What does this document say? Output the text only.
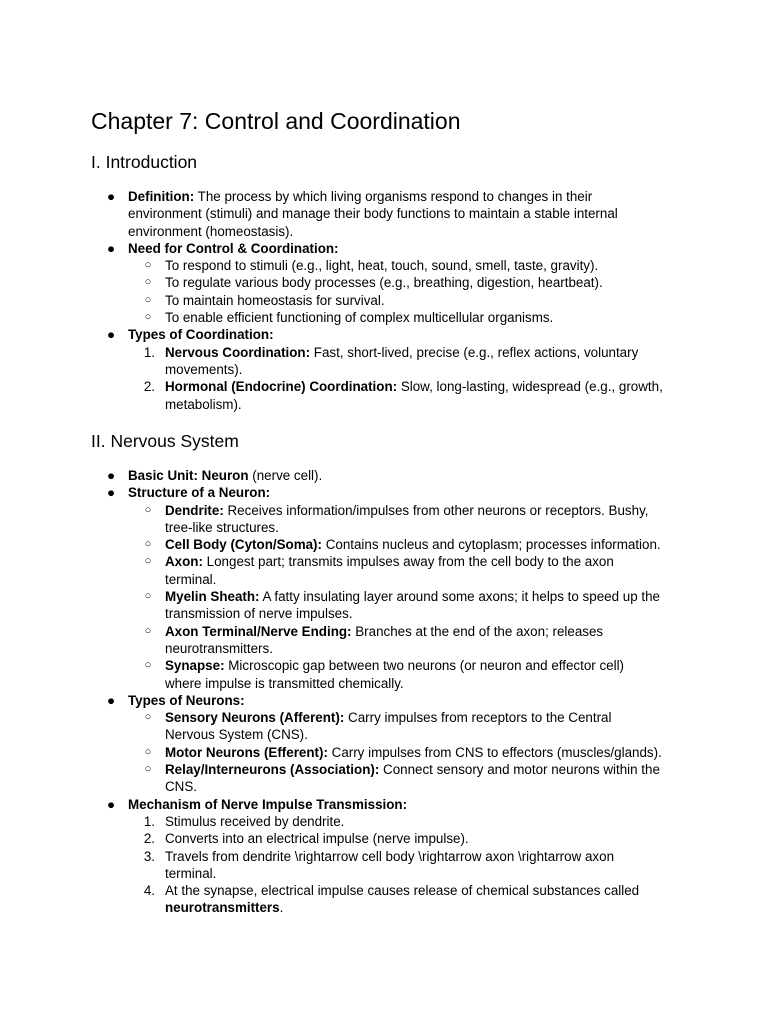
Chapter 7: Control and Coordination
I. Introduction
● Definition: The process by which living organisms respond to changes in their environment (stimuli) and manage their body functions to maintain a stable internal environment (homeostasis).
● Need for Control & Coordination:
○	To respond to stimuli (e.g., light, heat, touch, sound, smell, taste, gravity).
○	To regulate various body processes (e.g., breathing, digestion, heartbeat).
○	To maintain homeostasis for survival.
○	To enable efficient functioning of complex multicellular organisms.
● Types of Coordination:
1. Nervous Coordination: Fast, short-lived, precise (e.g., reflex actions, voluntary movements).
2. Hormonal (Endocrine) Coordination: Slow, long-lasting, widespread (e.g., growth, metabolism).
II. Nervous System
● Basic Unit: Neuron (nerve cell).
● Structure of a Neuron:
○	Dendrite: Receives information/impulses from other neurons or receptors. Bushy, tree-like structures.
○	Cell Body (Cyton/Soma): Contains nucleus and cytoplasm; processes information.
○	Axon: Longest part; transmits impulses away from the cell body to the axon terminal.
○	Myelin Sheath: A fatty insulating layer around some axons; it helps to speed up the transmission of nerve impulses.
○	Axon Terminal/Nerve Ending: Branches at the end of the axon; releases neurotransmitters.
○	Synapse: Microscopic gap between two neurons (or neuron and effector cell) where impulse is transmitted chemically.
● Types of Neurons:
○	Sensory Neurons (Afferent): Carry impulses from receptors to the Central Nervous System (CNS).
○	Motor Neurons (Efferent): Carry impulses from CNS to effectors (muscles/glands).
○	Relay/Interneurons (Association): Connect sensory and motor neurons within the CNS.
● Mechanism of Nerve Impulse Transmission:
1. Stimulus received by dendrite.
2. Converts into an electrical impulse (nerve impulse).
3. Travels from dendrite \rightarrow cell body \rightarrow axon \rightarrow axon terminal.
4. At the synapse, electrical impulse causes release of chemical substances called neurotransmitters.
